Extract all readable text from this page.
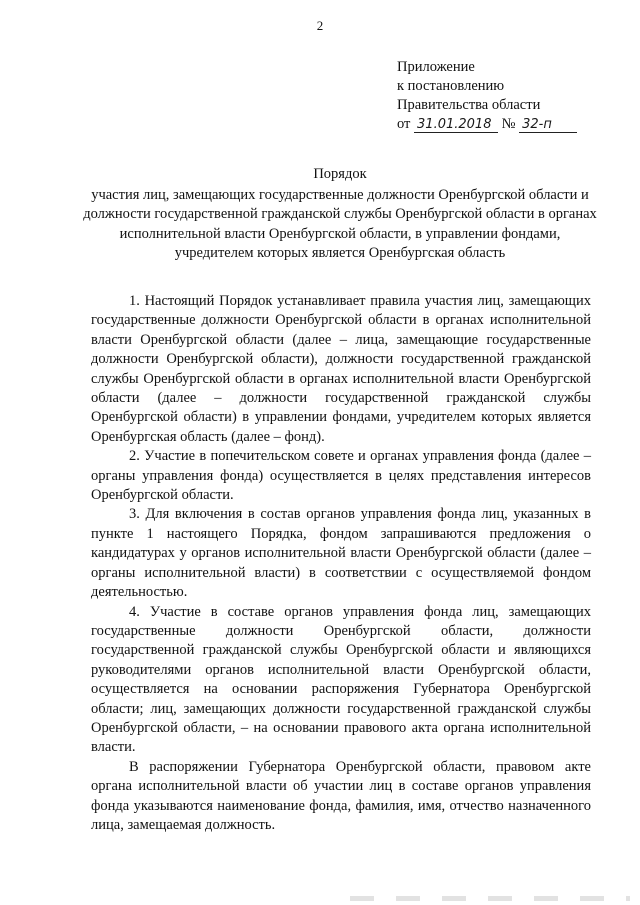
2
Приложение
к постановлению
Правительства области
от 31.01.2018 № 32-п
Порядок
участия лиц, замещающих государственные должности Оренбургской области и должности государственной гражданской службы Оренбургской области в органах исполнительной власти Оренбургской области, в управлении фондами, учредителем которых является Оренбургская область

1. Настоящий Порядок устанавливает правила участия лиц, замещающих государственные должности Оренбургской области в органах исполнительной власти Оренбургской области (далее – лица, замещающие государственные должности Оренбургской области), должности государственной гражданской службы Оренбургской области в органах исполнительной власти Оренбургской области (далее – должности государственной гражданской службы Оренбургской области) в управлении фондами, учредителем которых является Оренбургская область (далее – фонд).

2. Участие в попечительском совете и органах управления фонда (далее – органы управления фонда) осуществляется в целях представления интересов Оренбургской области.

3. Для включения в состав органов управления фонда лиц, указанных в пункте 1 настоящего Порядка, фондом запрашиваются предложения о кандидатурах у органов исполнительной власти Оренбургской области (далее – органы исполнительной власти) в соответствии с осуществляемой фондом деятельностью.

4. Участие в составе органов управления фонда лиц, замещающих государственные должности Оренбургской области, должности государственной гражданской службы Оренбургской области и являющихся руководителями органов исполнительной власти Оренбургской области, осуществляется на основании распоряжения Губернатора Оренбургской области; лиц, замещающих должности государственной гражданской службы Оренбургской области, – на основании правового акта органа исполнительной власти.

В распоряжении Губернатора Оренбургской области, правовом акте органа исполнительной власти об участии лиц в составе органов управления фонда указываются наименование фонда, фамилия, имя, отчество назначенного лица, замещаемая должность.
